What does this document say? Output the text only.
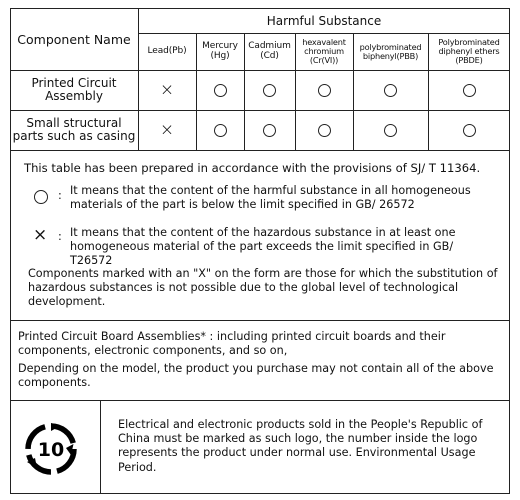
Component Name
Harmful Substance
Lead(Pb)	Mercury (Hg)
Cadmium (Cd)
hexavalent chromium (Cr(VI))
polybrominated biphenyl(PBB)
Polybrominated diphenyl ethers (PBDE)
Printed Circuit Assembly	×
Small structural parts such as casing ×
This table has been prepared in accordance with the provisions of SJ/ T 11364.
: It means that the content of the harmful substance in all homogeneous materials of the part is below the limit specified in GB/ 26572
× : It means that the content of the hazardous substance in at least one homogeneous material of the part exceeds the limit specified in GB/ T26572
Components marked with an "X" on the form are those for which the substitution of hazardous substances is not possible due to the global level of technological development.
Printed Circuit Board Assemblies* : including printed circuit boards and their components, electronic components, and so on,
Depending on the model, the product you purchase may not contain all of the above components.
10
Electrical and electronic products sold in the People's Republic of China must be marked as such logo, the number inside the logo represents the product under normal use. Environmental Usage Period.
